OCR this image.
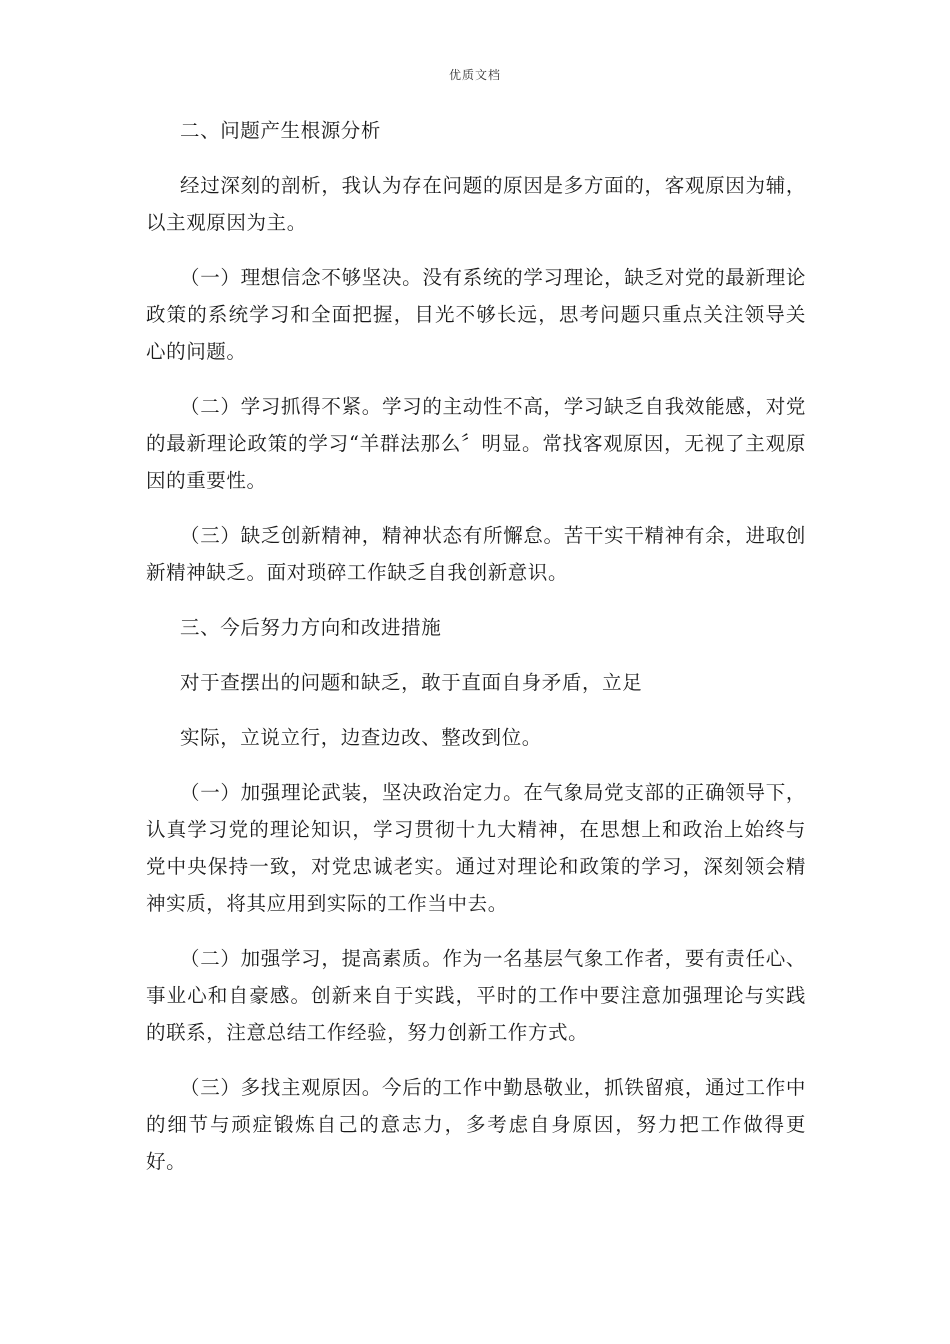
优质文档

二、问题产生根源分析

经过深刻的剖析，我认为存在问题的原因是多方面的，客观原因为辅，以主观原因为主。

（一）理想信念不够坚决。没有系统的学习理论，缺乏对党的最新理论政策的系统学习和全面把握，目光不够长远，思考问题只重点关注领导关心的问题。

（二）学习抓得不紧。学习的主动性不高，学习缺乏自我效能感，对党的最新理论政策的学习“羊群法那么〞明显。常找客观原因，无视了主观原因的重要性。

（三）缺乏创新精神，精神状态有所懈怠。苦干实干精神有余，进取创新精神缺乏。面对琐碎工作缺乏自我创新意识。

三、今后努力方向和改进措施

对于查摆出的问题和缺乏，敢于直面自身矛盾，立足

实际，立说立行，边查边改、整改到位。

（一）加强理论武装，坚决政治定力。在气象局党支部的正确领导下，认真学习党的理论知识，学习贯彻十九大精神，在思想上和政治上始终与党中央保持一致，对党忠诚老实。通过对理论和政策的学习，深刻领会精神实质，将其应用到实际的工作当中去。

（二）加强学习，提高素质。作为一名基层气象工作者，要有责任心、事业心和自豪感。创新来自于实践，平时的工作中要注意加强理论与实践的联系，注意总结工作经验，努力创新工作方式。

（三）多找主观原因。今后的工作中勤恳敬业，抓铁留痕，通过工作中的细节与顽症锻炼自己的意志力，多考虑自身原因，努力把工作做得更好。
